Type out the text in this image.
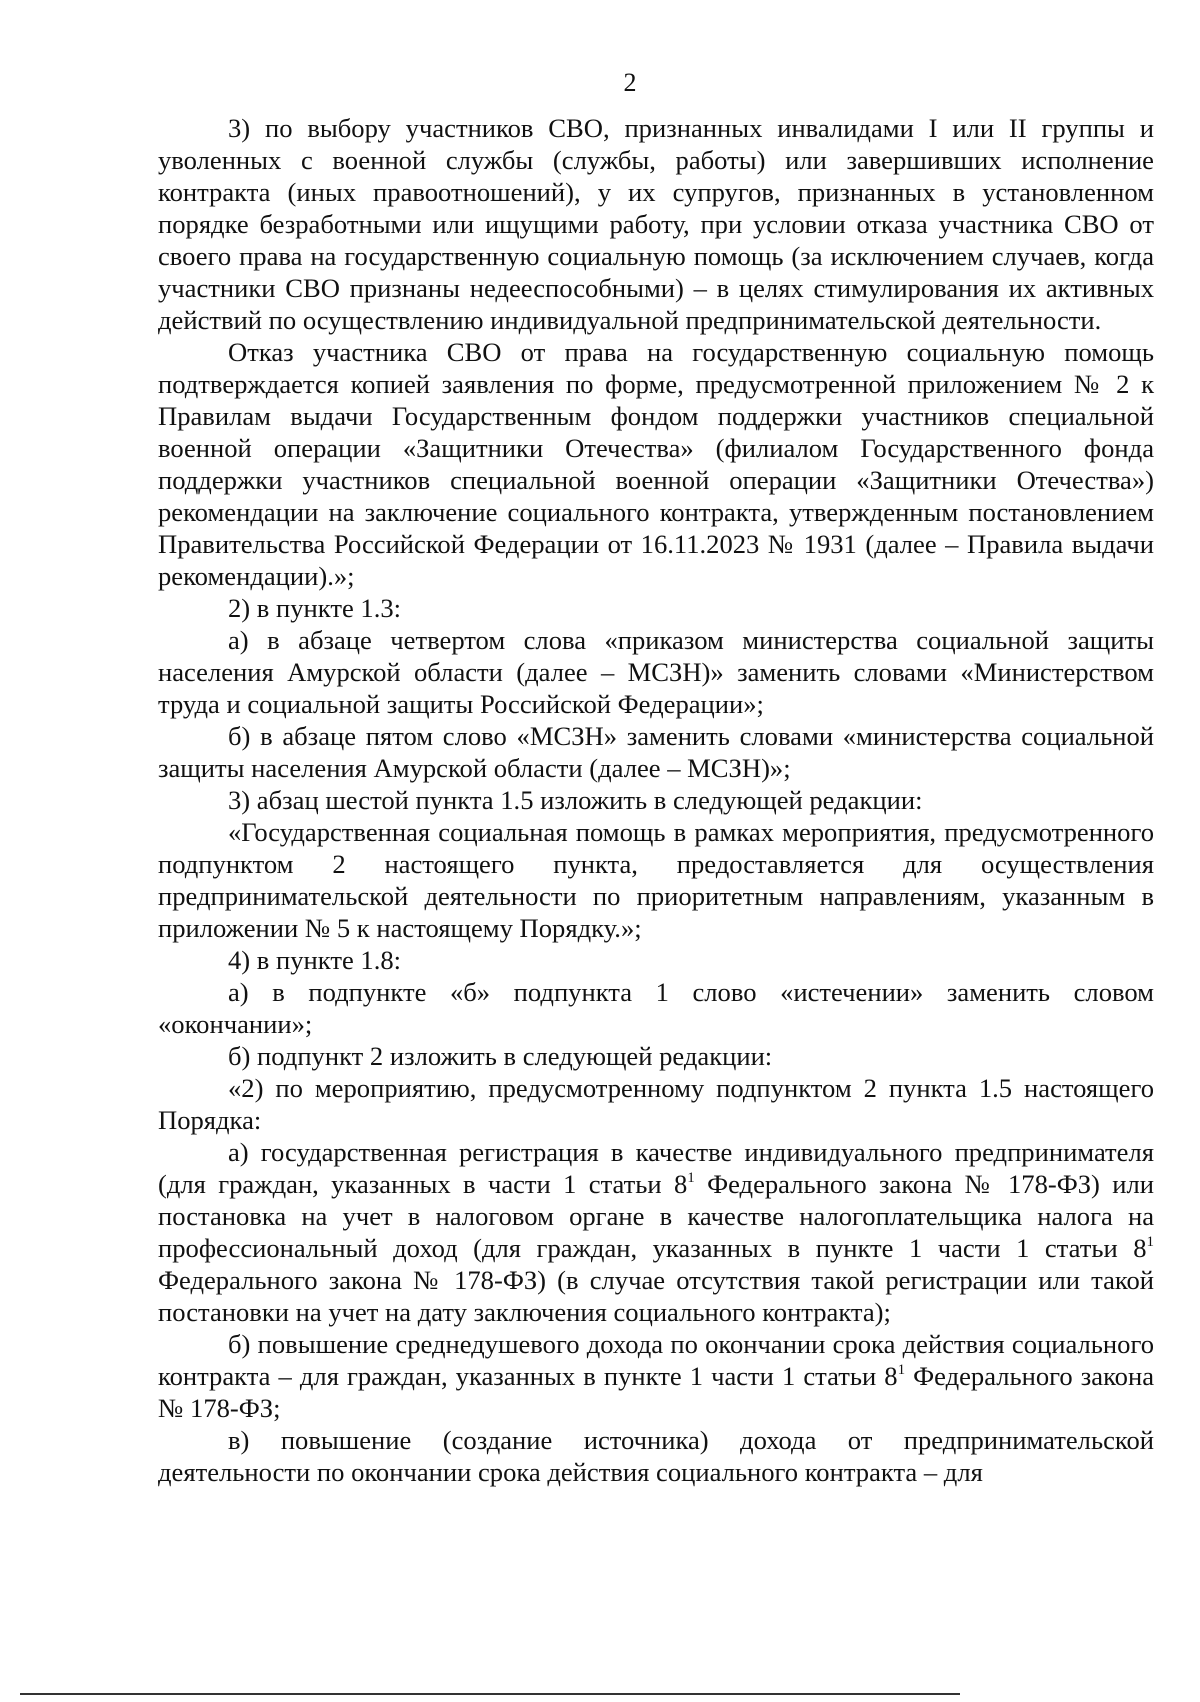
2

3) по выбору участников СВО, признанных инвалидами I или II группы и уволенных с военной службы (службы, работы) или завершивших исполнение контракта (иных правоотношений), у их супругов, признанных в установленном порядке безработными или ищущими работу, при условии отказа участника СВО от своего права на государственную социальную помощь (за исключением случаев, когда участники СВО признаны недееспособными) – в целях стимулирования их активных действий по осуществлению индивидуальной предпринимательской деятельности.

Отказ участника СВО от права на государственную социальную помощь подтверждается копией заявления по форме, предусмотренной приложением № 2 к Правилам выдачи Государственным фондом поддержки участников специальной военной операции «Защитники Отечества» (филиалом Государственного фонда поддержки участников специальной военной операции «Защитники Отечества») рекомендации на заключение социального контракта, утвержденным постановлением Правительства Российской Федерации от 16.11.2023 № 1931 (далее – Правила выдачи рекомендации).»;

2) в пункте 1.3:

а) в абзаце четвертом слова «приказом министерства социальной защиты населения Амурской области (далее – МСЗН)» заменить словами «Министерством труда и социальной защиты Российской Федерации»;

б) в абзаце пятом слово «МСЗН» заменить словами «министерства социальной защиты населения Амурской области (далее – МСЗН)»;

3) абзац шестой пункта 1.5 изложить в следующей редакции:

«Государственная социальная помощь в рамках мероприятия, предусмотренного подпунктом 2 настоящего пункта, предоставляется для осуществления предпринимательской деятельности по приоритетным направлениям, указанным в приложении № 5 к настоящему Порядку.»;

4) в пункте 1.8:

а) в подпункте «б» подпункта 1 слово «истечении» заменить словом «окончании»;

б) подпункт 2 изложить в следующей редакции:

«2) по мероприятию, предусмотренному подпунктом 2 пункта 1.5 настоящего Порядка:

а) государственная регистрация в качестве индивидуального предпринимателя (для граждан, указанных в части 1 статьи $8^1$ Федерального закона № 178-ФЗ) или постановка на учет в налоговом органе в качестве налогоплательщика налога на профессиональный доход (для граждан, указанных в пункте 1 части 1 статьи $8^1$ Федерального закона № 178-ФЗ) (в случае отсутствия такой регистрации или такой постановки на учет на дату заключения социального контракта);

б) повышение среднедушевого дохода по окончании срока действия социального контракта – для граждан, указанных в пункте 1 части 1 статьи $8^1$ Федерального закона № 178-ФЗ;

в) повышение (создание источника) дохода от предпринимательской деятельности по окончании срока действия социального контракта – для
